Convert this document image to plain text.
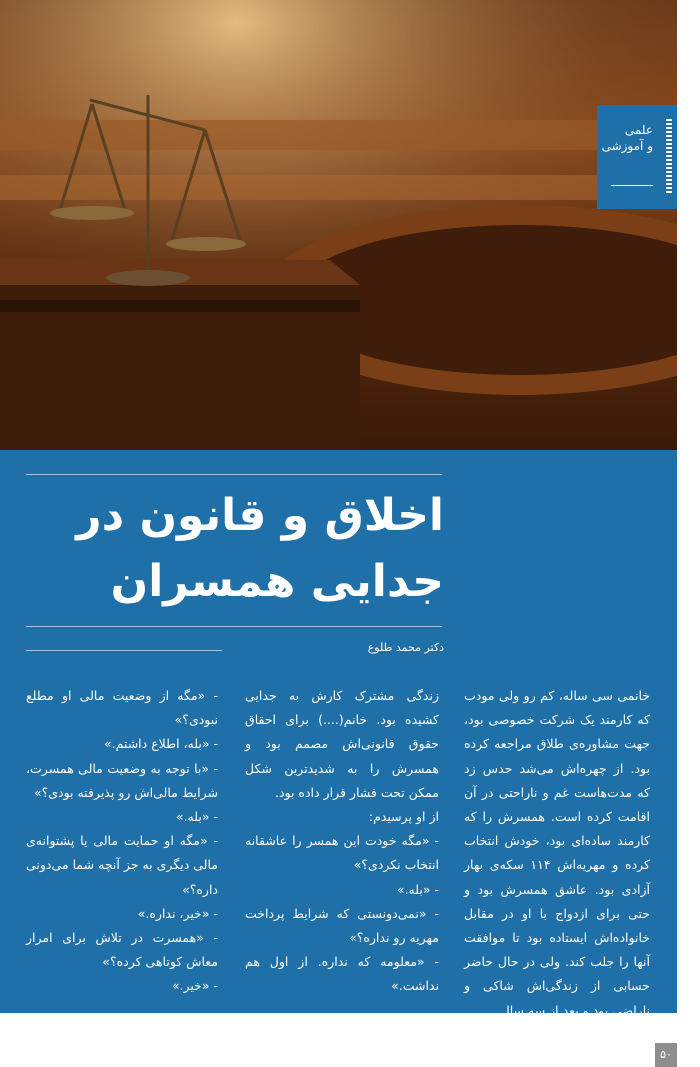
علمی
و آموزشی
اخلاق و قانون در
جدایی همسران
دکتر محمد طلوع

خانمی سی ساله، کم رو ولی مودب که کارمند یک شرکت خصوصی بود، جهت مشاوره‌ی طلاق مراجعه کرده بود. از چهره‌اش می‌شد حدس زد که مدت‌هاست غم و ناراحتی در آن اقامت کرده است. همسرش را که کارمند ساده‌ای بود، خودش انتخاب کرده و مهریه‌اش ۱۱۴ سکه‌ی بهار آزادی بود. عاشق همسرش بود و حتی برای ازدواج با او در مقابل خانواده‌اش ایستاده بود تا موافقت آنها را جلب کند. ولی در حال حاضر حسابی از زندگی‌اش شاکی و ناراضی بود و بعد از سه سال

زندگی مشترک کارش به جدایی کشیده بود. خانم(....) برای احقاق حقوق قانونی‌اش مصمم بود و همسرش را به شدیدترین شکل ممکن تحت فشار قرار داده بود.

از او پرسیدم:

- «مگه خودت این همسر را عاشقانه انتخاب نکردی؟»

- «بله.»

- «نمی‌دونستی که شرایط پرداخت مهریه رو نداره؟»

- «معلومه که نداره. از اول هم نداشت.»

- «مگه از وضعیت مالی او مطلع نبودی؟»

- «بله، اطلاع داشتم.»

- «با توجه به وضعیت مالی همسرت، شرایط مالی‌اش رو پذیرفته بودی؟»

- «بله.»

- «مگه او حمایت مالی یا پشتوانه‌ی مالی دیگری به جز آنچه شما می‌دونی داره؟»

- «خیر، نداره.»

- «همسرت در تلاش برای امرار معاش کوتاهی کرده؟»

- «خیر.»

۵۰
